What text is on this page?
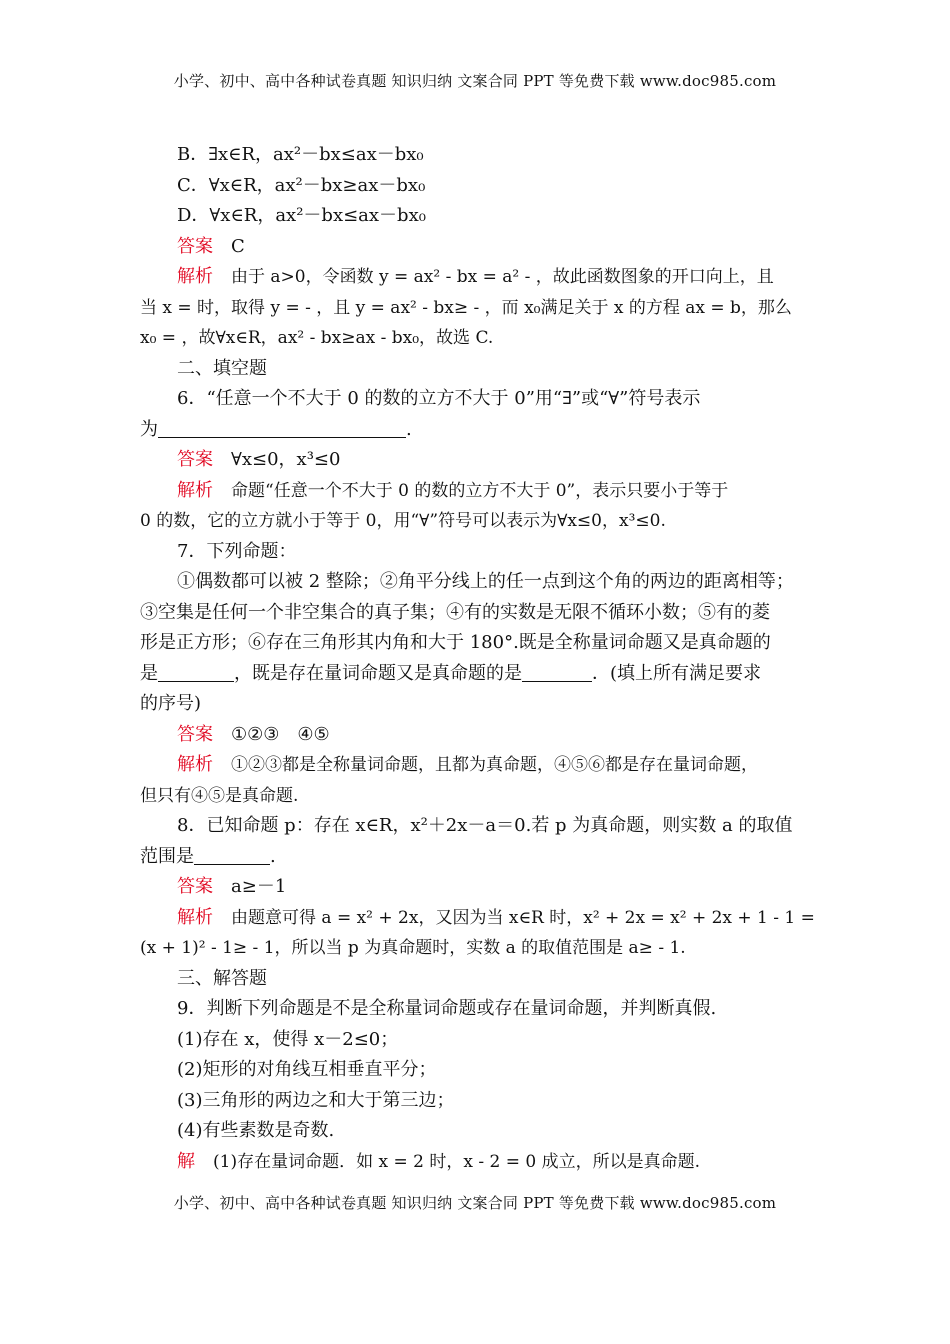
小学、初中、高中各种试卷真题 知识归纳 文案合同 PPT 等免费下载 www.doc985.com
B．∃x∈R，ax²－bx≤ax－bx₀
C．∀x∈R，ax²－bx≥ax－bx₀
D．∀x∈R，ax²－bx≤ax－bx₀
答案 C
解析 由于 a>0，令函数 y = ax² - bx = a² - ，故此函数图象的开口向上，且
当 x = 时，取得 y = - ，且 y = ax² - bx≥ - ，而 x₀满足关于 x 的方程 ax = b，那么
x₀ = ，故∀x∈R，ax² - bx≥ax - bx₀，故选 C.
二、填空题
6．“任意一个不大于 0 的数的立方不大于 0”用“∃”或“∀”符号表示
为	.
答案 ∀x≤0，x³≤0
解析 命题“任意一个不大于 0 的数的立方不大于 0”，表示只要小于等于
0 的数，它的立方就小于等于 0，用“∀”符号可以表示为∀x≤0，x³≤0.
7．下列命题：
①偶数都可以被 2 整除；②角平分线上的任一点到这个角的两边的距离相等；
③空集是任何一个非空集合的真子集；④有的实数是无限不循环小数；⑤有的菱
形是正方形；⑥存在三角形其内角和大于 180°.既是全称量词命题又是真命题的
是	，既是存在量词命题又是真命题的是	．(填上所有满足要求
的序号)
答案 ①②③　④⑤
解析 ①②③都是全称量词命题，且都为真命题，④⑤⑥都是存在量词命题，
但只有④⑤是真命题.
8．已知命题 p：存在 x∈R，x²＋2x－a＝0.若 p 为真命题，则实数 a 的取值
范围是	.
答案 a≥－1
解析 由题意可得 a = x² + 2x，又因为当 x∈R 时，x² + 2x = x² + 2x + 1 - 1 =
(x + 1)² - 1≥ - 1，所以当 p 为真命题时，实数 a 的取值范围是 a≥ - 1.
三、解答题
9．判断下列命题是不是全称量词命题或存在量词命题，并判断真假.
(1)存在 x，使得 x－2≤0；
(2)矩形的对角线互相垂直平分；
(3)三角形的两边之和大于第三边；
(4)有些素数是奇数.
解 (1)存在量词命题．如 x = 2 时，x - 2 = 0 成立，所以是真命题.
小学、初中、高中各种试卷真题 知识归纳 文案合同 PPT 等免费下载 www.doc985.com
